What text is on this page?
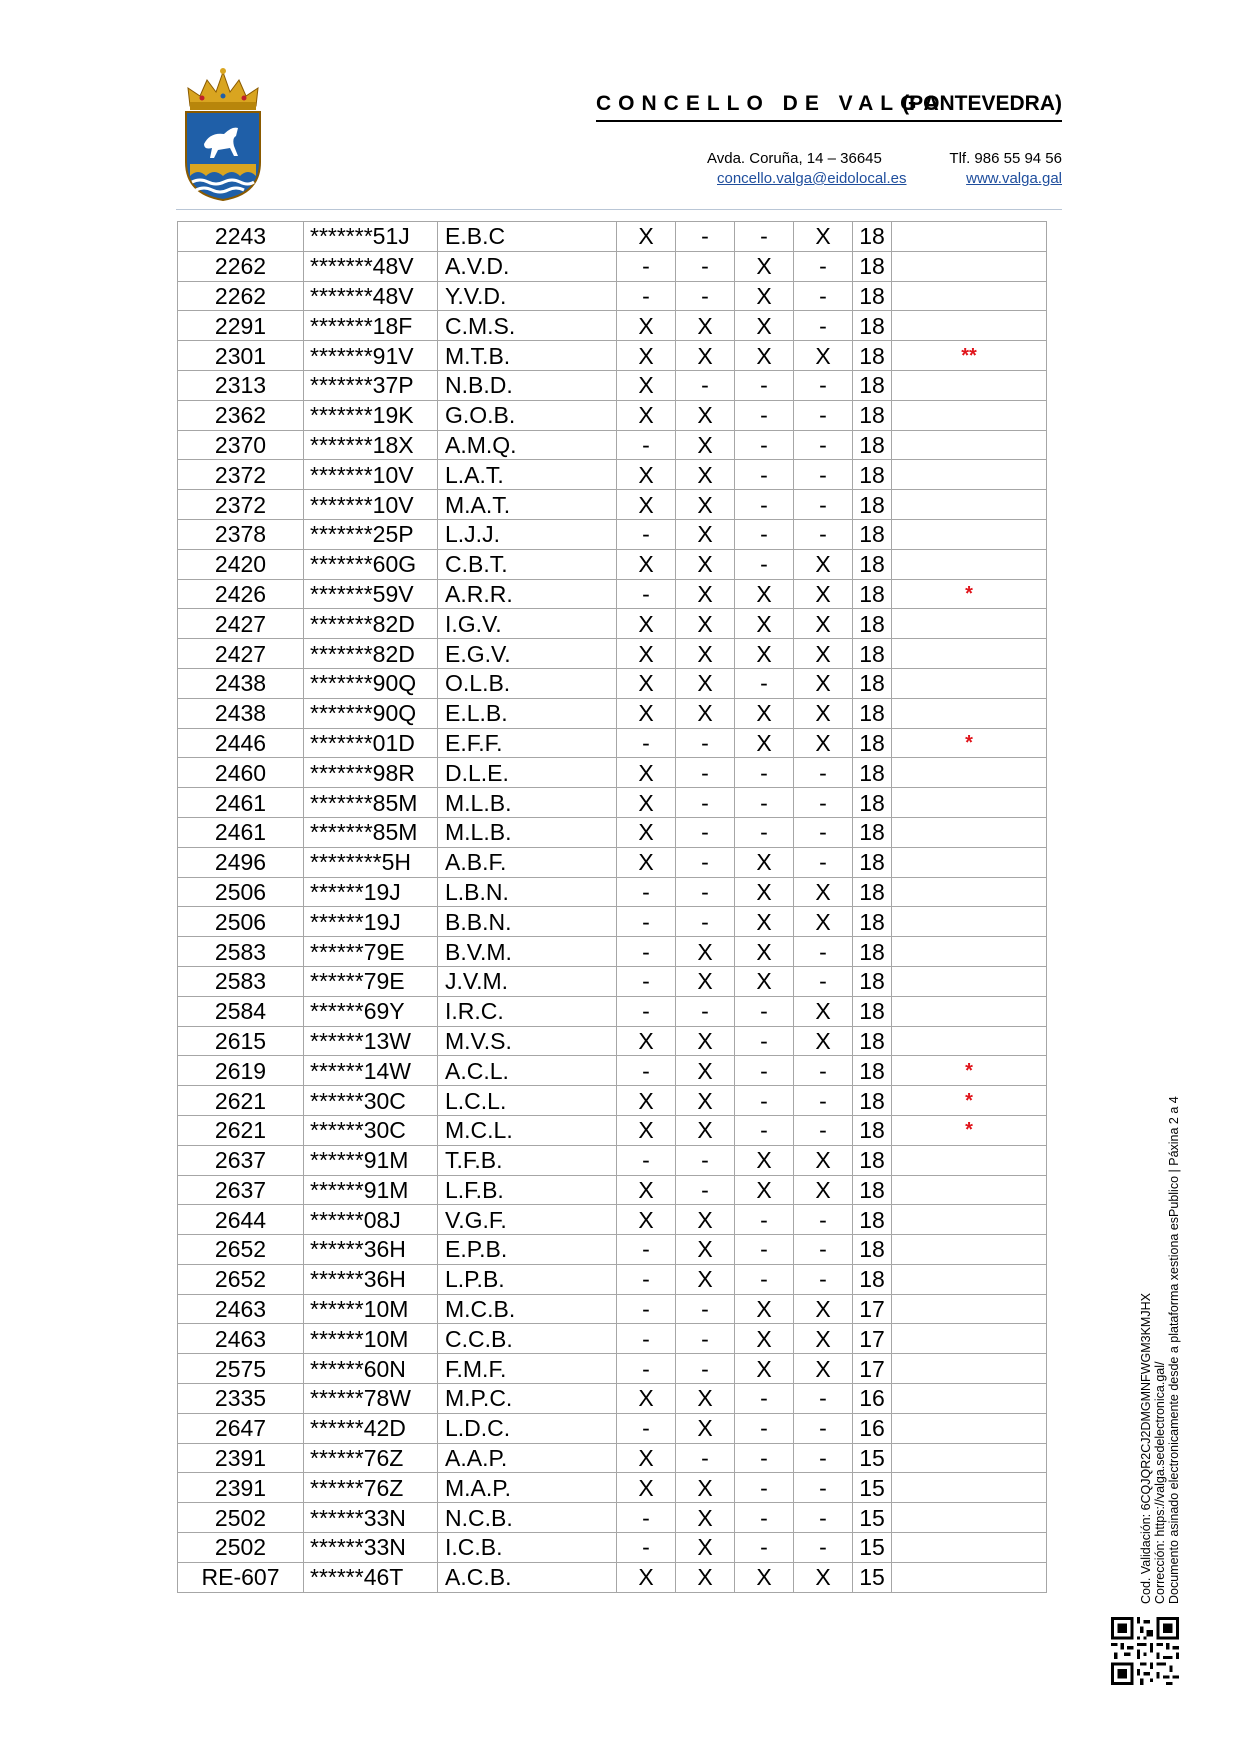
CONCELLO DE VALGA
(PONTEVEDRA)
Avda. Coruña, 14 – 36645	Tlf. 986 55 94 56
concello.valga@eidolocal.es	www.valga.gal
2243	*******51J	E.B.C	X	-	-	X	18	
2262	*******48V	A.V.D.	-	-	X	-	18	
2262	*******48V	Y.V.D.	-	-	X	-	18	
2291	*******18F	C.M.S.	X	X	X	-	18	
2301	*******91V	M.T.B.	X	X	X	X	18	**
2313	*******37P	N.B.D.	X	-	-	-	18	
2362	*******19K	G.O.B.	X	X	-	-	18	
2370	*******18X	A.M.Q.	-	X	-	-	18	
2372	*******10V	L.A.T.	X	X	-	-	18	
2372	*******10V	M.A.T.	X	X	-	-	18	
2378	*******25P	L.J.J.	-	X	-	-	18	
2420	*******60G	C.B.T.	X	X	-	X	18	
2426	*******59V	A.R.R.	-	X	X	X	18	*
2427	*******82D	I.G.V.	X	X	X	X	18	
2427	*******82D	E.G.V.	X	X	X	X	18	
2438	*******90Q	O.L.B.	X	X	-	X	18	
2438	*******90Q	E.L.B.	X	X	X	X	18	
2446	*******01D	E.F.F.	-	-	X	X	18	*
2460	*******98R	D.L.E.	X	-	-	-	18	
2461	*******85M	M.L.B.	X	-	-	-	18	
2461	*******85M	M.L.B.	X	-	-	-	18	
2496	********5H	A.B.F.	X	-	X	-	18	
2506	******19J	L.B.N.	-	-	X	X	18	
2506	******19J	B.B.N.	-	-	X	X	18	
2583	******79E	B.V.M.	-	X	X	-	18	
2583	******79E	J.V.M.	-	X	X	-	18	
2584	******69Y	I.R.C.	-	-	-	X	18	
2615	******13W	M.V.S.	X	X	-	X	18	
2619	******14W	A.C.L.	-	X	-	-	18	*
2621	******30C	L.C.L.	X	X	-	-	18	*
2621	******30C	M.C.L.	X	X	-	-	18	*
2637	******91M	T.F.B.	-	-	X	X	18	
2637	******91M	L.F.B.	X	-	X	X	18	
2644	******08J	V.G.F.	X	X	-	-	18	
2652	******36H	E.P.B.	-	X	-	-	18	
2652	******36H	L.P.B.	-	X	-	-	18	
2463	******10M	M.C.B.	-	-	X	X	17	
2463	******10M	C.C.B.	-	-	X	X	17	
2575	******60N	F.M.F.	-	-	X	X	17	
2335	******78W	M.P.C.	X	X	-	-	16	
2647	******42D	L.D.C.	-	X	-	-	16	
2391	******76Z	A.A.P.	X	-	-	-	15	
2391	******76Z	M.A.P.	X	X	-	-	15	
2502	******33N	N.C.B.	-	X	-	-	15	
2502	******33N	I.C.B.	-	X	-	-	15	
RE-607	******46T	A.C.B.	X	X	X	X	15		Cod. Validación: 6CQJQR2CJ2DMGMNFWGM3KMJHX Corrección: https://valga.sedelectronica.gal/ Documento asinado electronicamente desde a plataforma xestiona esPublico | Páxina 2 a 4
